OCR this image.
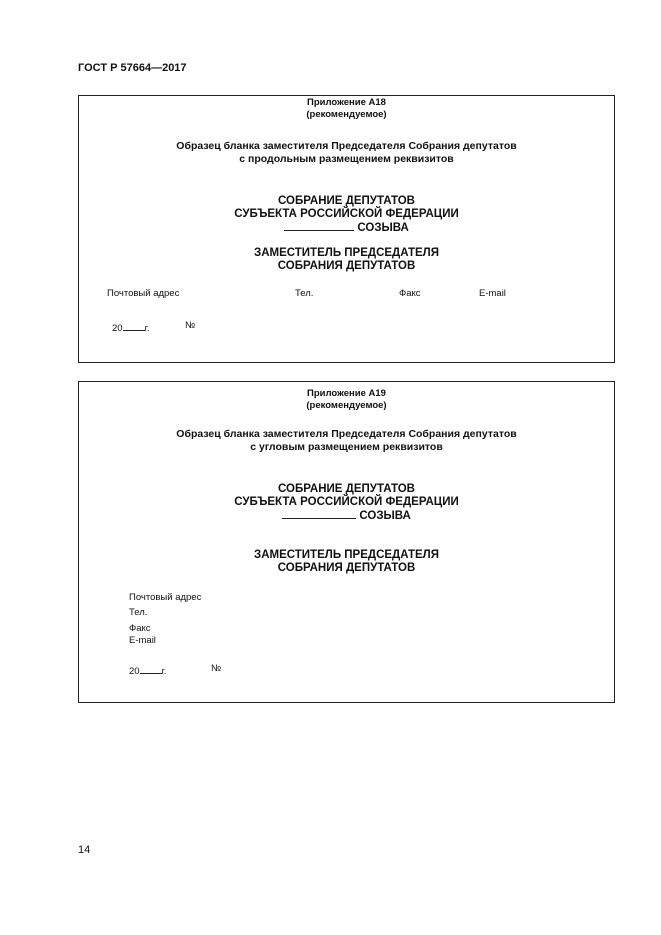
ГОСТ Р 57664—2017
Приложение А18
(рекомендуемое)
Образец бланка заместителя Председателя Собрания депутатов
с продольным размещением реквизитов
СОБРАНИЕ ДЕПУТАТОВ
СУБЪЕКТА РОССИЙСКОЙ ФЕДЕРАЦИИ
СОЗЫВА
ЗАМЕСТИТЕЛЬ ПРЕДСЕДАТЕЛЯ
СОБРАНИЯ ДЕПУТАТОВ
Почтовый адрес	Тел.	Факс	E-mail
20 г.	№
Приложение А19
(рекомендуемое)
Образец бланка заместителя Председателя Собрания депутатов
с угловым размещением реквизитов
СОБРАНИЕ ДЕПУТАТОВ
СУБЪЕКТА РОССИЙСКОЙ ФЕДЕРАЦИИ
СОЗЫВА
ЗАМЕСТИТЕЛЬ ПРЕДСЕДАТЕЛЯ
СОБРАНИЯ ДЕПУТАТОВ
Почтовый адрес
Тел.
Факс
E-mail
20 г.	№
14
